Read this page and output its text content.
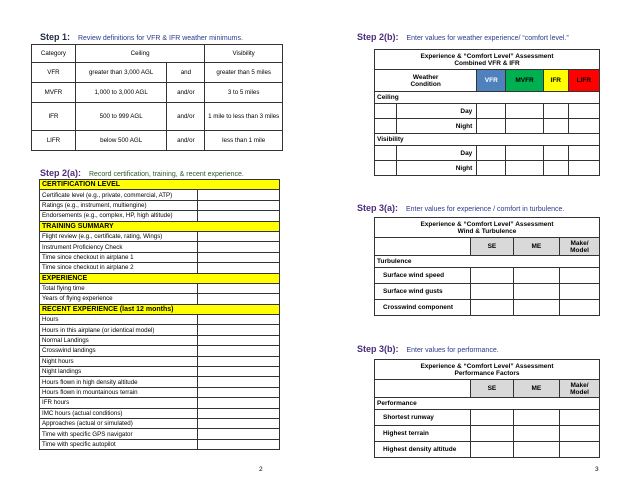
Step 1: Review definitions for VFR & IFR weather minimums.
Category	Ceiling		Visibility
VFR	greater than 3,000 AGL	and	greater than 5 miles
MVFR	1,000 to 3,000 AGL	and/or	3 to 5 miles
IFR	500 to 999 AGL	and/or	1 mile to less than 3 miles
LIFR	below 500 AGL	and/or	less than 1 mile
Step 2(a): Record certification, training, & recent experience.
CERTIFICATION LEVEL	
Certificate level (e.g., private, commercial, ATP)	
Ratings (e.g., instrument, multiengine)	
Endorsements (e.g., complex, HP, high altitude)	
TRAINING SUMMARY	
Flight review (e.g., certificate, rating, Wings)	
Instrument Proficiency Check	
Time since checkout in airplane 1	
Time since checkout in airplane 2	
EXPERIENCE	
Total flying time	
Years of flying experience	
RECENT EXPERIENCE (last 12 months)	
Hours	
Hours in this airplane (or identical model)	
Normal Landings	
Crosswind landings	
Night hours	
Night landings	
Hours flown in high density altitude	
Hours flown in mountainous terrain	
IFR hours	
IMC hours (actual conditions)	
Approaches (actual or simulated)	
Time with specific GPS navigator	
Time with specific autopilot	
2
Step 2(b): Enter values for weather experience/ “comfort level.”
Experience & “Comfort Level” Assessment
Combined VFR & IFR					

Weather
Condition		VFR	MVFR	IFR	LIFR
Ceiling					
	Day				
	Night				
Visibility					
	Day				
	Night				
Step 3(a): Enter values for experience / comfort in turbulence.
Experience & “Comfort Level” Assessment
Wind & Turbulence			

	SE	ME	Make/
Model

Turbulence			
Surface wind speed			
Surface wind gusts			
Crosswind component			
Step 3(b): Enter values for performance.
Experience & “Comfort Level” Assessment
Performance Factors			

	SE	ME	Make/
Model

Performance			
Shortest runway			
Highest terrain			
Highest density altitude			
3
